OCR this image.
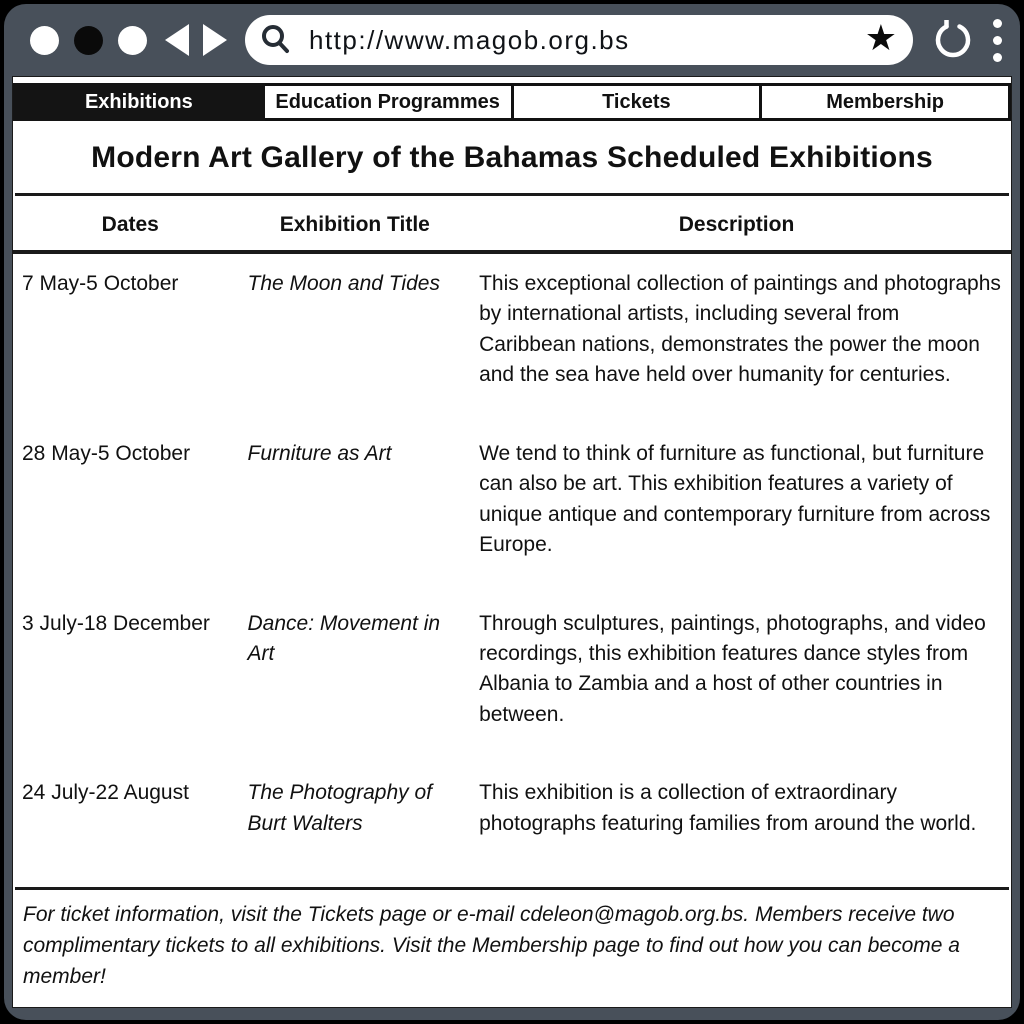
http://www.magob.org.bs	★
Exhibitions	Education Programmes	Tickets	Membership
Modern Art Gallery of the Bahamas Scheduled Exhibitions
Dates	Exhibition Title	Description
7 May-5 October	The Moon and Tides	This exceptional collection of paintings and photographs by international artists, including several from Caribbean nations, demonstrates the power the moon and the sea have held over humanity for centuries.
28 May-5 October	Furniture as Art	We tend to think of furniture as functional, but furniture can also be art. This exhibition features a variety of unique antique and contemporary furniture from across Europe.
3 July-18 December	Dance: Movement in Art	Through sculptures, paintings, photographs, and video recordings, this exhibition features dance styles from Albania to Zambia and a host of other countries in between.
24 July-22 August	The Photography of Burt Walters	This exhibition is a collection of extraordinary photographs featuring families from around the world.
For ticket information, visit the Tickets page or e-mail cdeleon@magob.org.bs. Members receive two complimentary tickets to all exhibitions. Visit the Membership page to find out how you can become a member!
